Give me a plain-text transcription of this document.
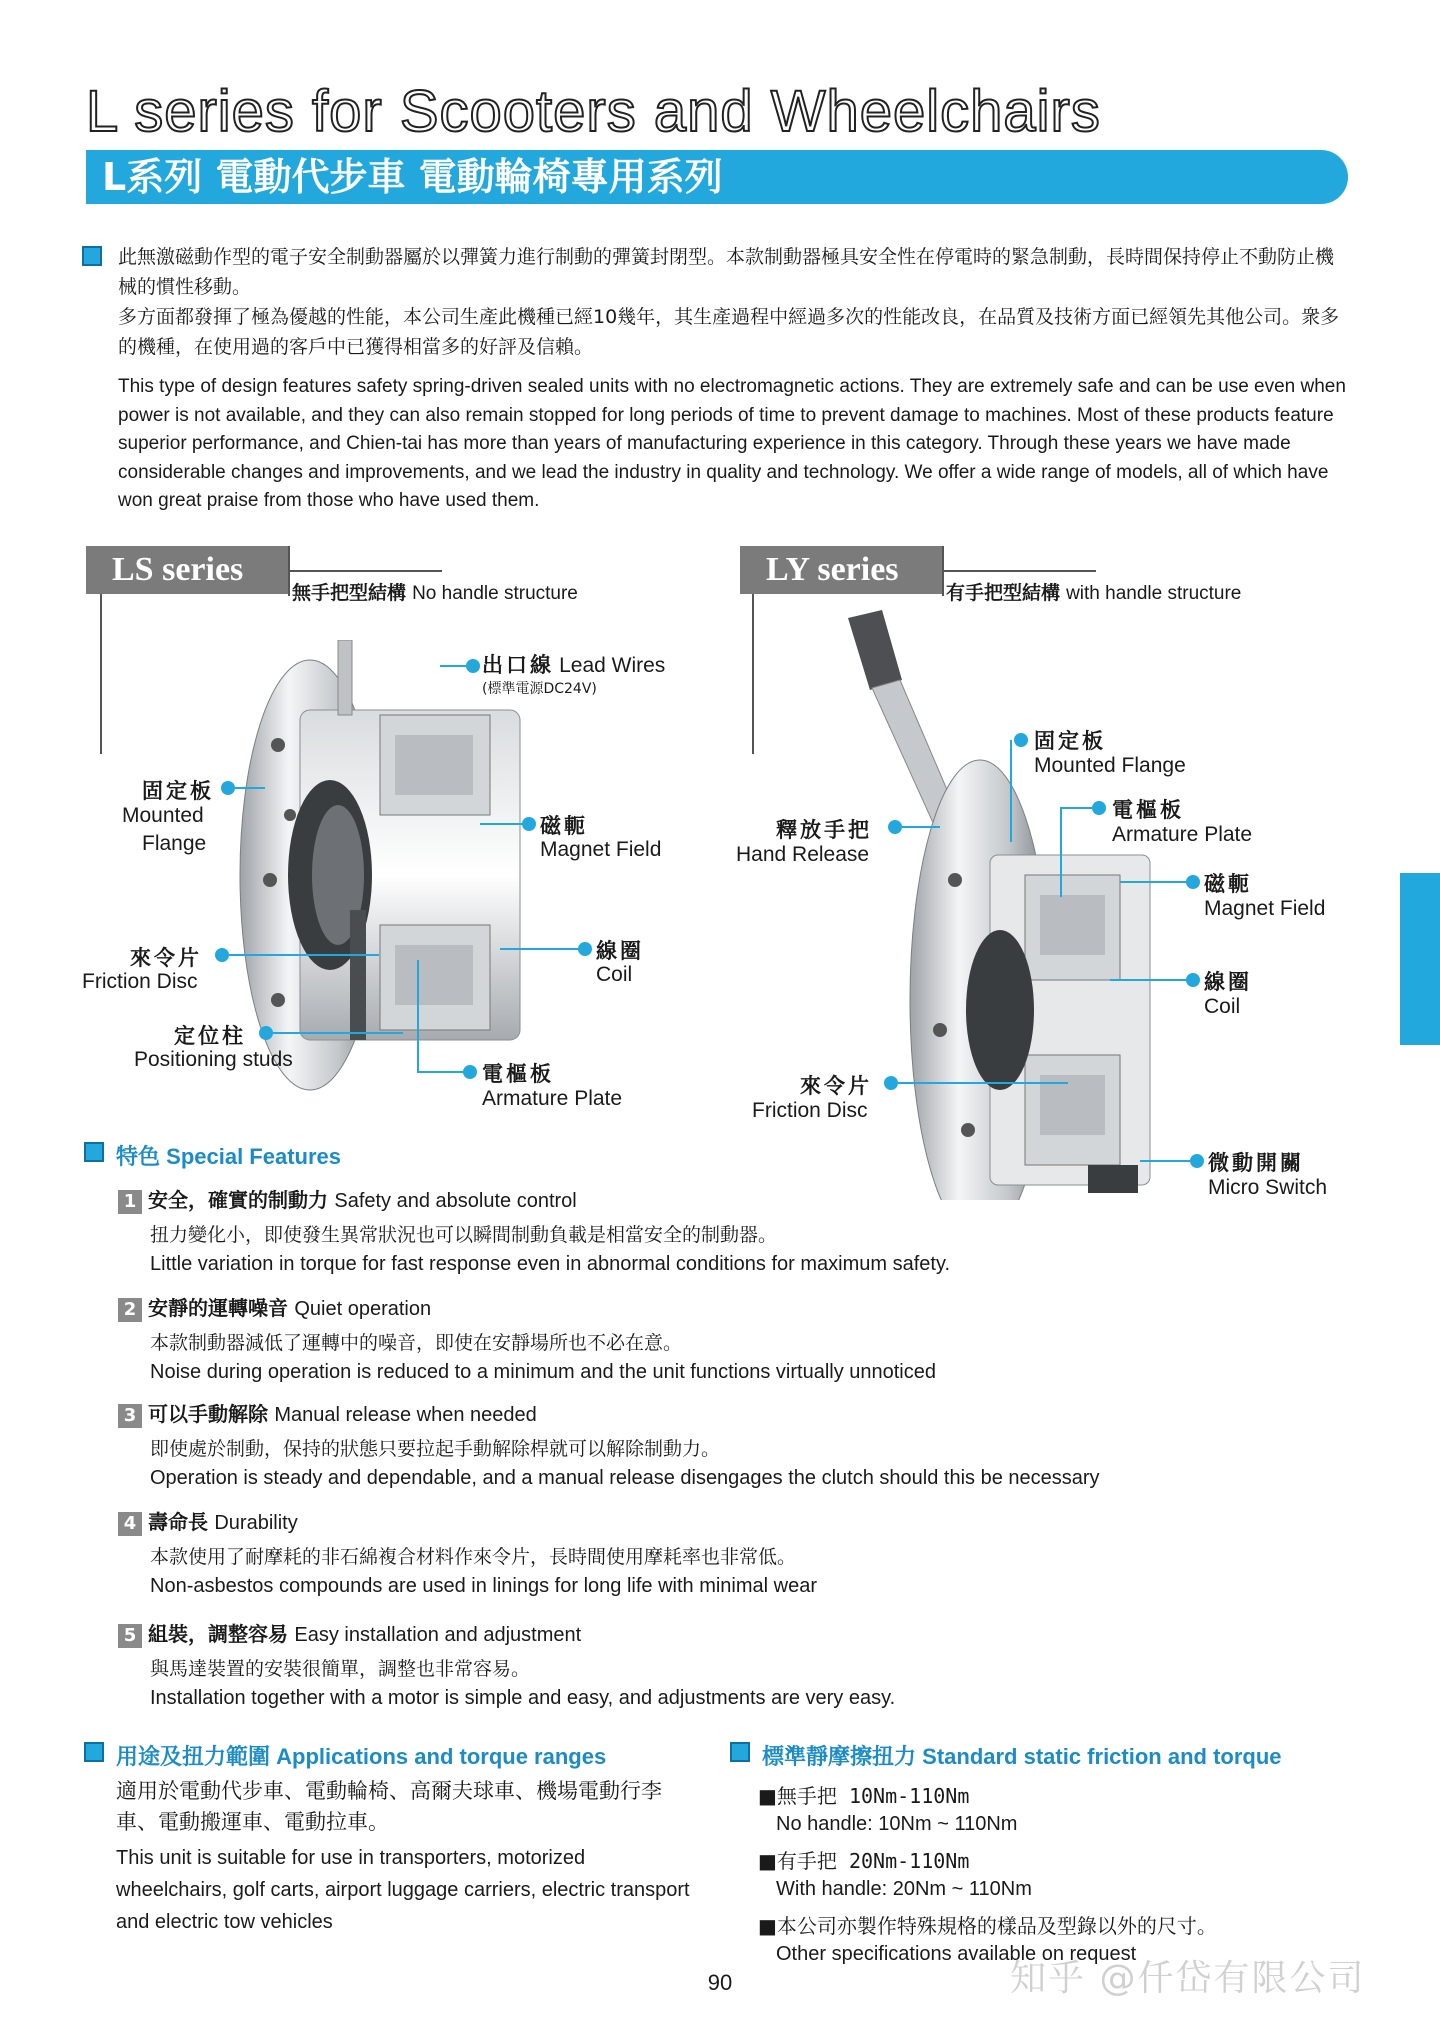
L series for Scooters and Wheelchairs
L系列 電動代步車 電動輪椅專用系列
此無激磁動作型的電子安全制動器屬於以彈簧力進行制動的彈簧封閉型。本款制動器極具安全性在停電時的緊急制動，長時間保持停止不動防止機械的慣性移動。
多方面都發揮了極為優越的性能，本公司生產此機種已經10幾年，其生產過程中經過多次的性能改良，在品質及技術方面已經領先其他公司。衆多的機種，在使用過的客戶中已獲得相當多的好評及信賴。
This type of design features safety spring-driven sealed units with no electromagnetic actions. They are extremely safe and can be use even when power is not available, and they can also remain stopped for long periods of time to prevent damage to machines. Most of these products feature superior performance, and Chien-tai has more than years of manufacturing experience in this category. Through these years we have made considerable changes and improvements, and we lead the industry in quality and technology. We offer a wide range of models, all of which have won great praise from those who have used them.
LS series
無手把型結構 No handle structure
LY series
有手把型結構 with handle structure
出口線 Lead Wires
(標準電源DC24V)
固定板
Mounted
Flange
磁軛
Magnet Field
來令片
Friction Disc
線圈
Coil
定位柱
Positioning studs
電樞板
Armature Plate
固定板
Mounted Flange
電樞板
Armature Plate
釋放手把
Hand Release
磁軛
Magnet Field
線圈
Coil
來令片
Friction Disc
微動開關
Micro Switch
特色 Special Features
1 安全，確實的制動力 Safety and absolute control
扭力變化小，即使發生異常狀況也可以瞬間制動負載是相當安全的制動器。
Little variation in torque for fast response even in abnormal conditions for maximum safety.
2 安靜的運轉噪音 Quiet operation
本款制動器減低了運轉中的噪音，即使在安靜場所也不必在意。
Noise during operation is reduced to a minimum and the unit functions virtually unnoticed
3 可以手動解除 Manual release when needed
即使處於制動，保持的狀態只要拉起手動解除桿就可以解除制動力。
Operation is steady and dependable, and a manual release disengages the clutch should this be necessary
4 壽命長 Durability
本款使用了耐摩耗的非石綿複合材料作來令片，長時間使用摩耗率也非常低。
Non-asbestos compounds are used in linings for long life with minimal wear
5 組裝，調整容易 Easy installation and adjustment
與馬達裝置的安裝很簡單，調整也非常容易。
Installation together with a motor is simple and easy, and adjustments are very easy.
用途及扭力範圍 Applications and torque ranges
適用於電動代步車、電動輪椅、高爾夫球車、機場電動行李車、電動搬運車、電動拉車。
This unit is suitable for use in transporters, motorized wheelchairs, golf carts, airport luggage carriers, electric transport and electric tow vehicles
標準靜摩擦扭力 Standard static friction and torque
■無手把 10Nm-110Nm
No handle: 10Nm ~ 110Nm
■有手把 20Nm-110Nm
With handle: 20Nm ~ 110Nm
■本公司亦製作特殊規格的樣品及型錄以外的尺寸。
Other specifications available on request
90	知乎 @仟岱有限公司
